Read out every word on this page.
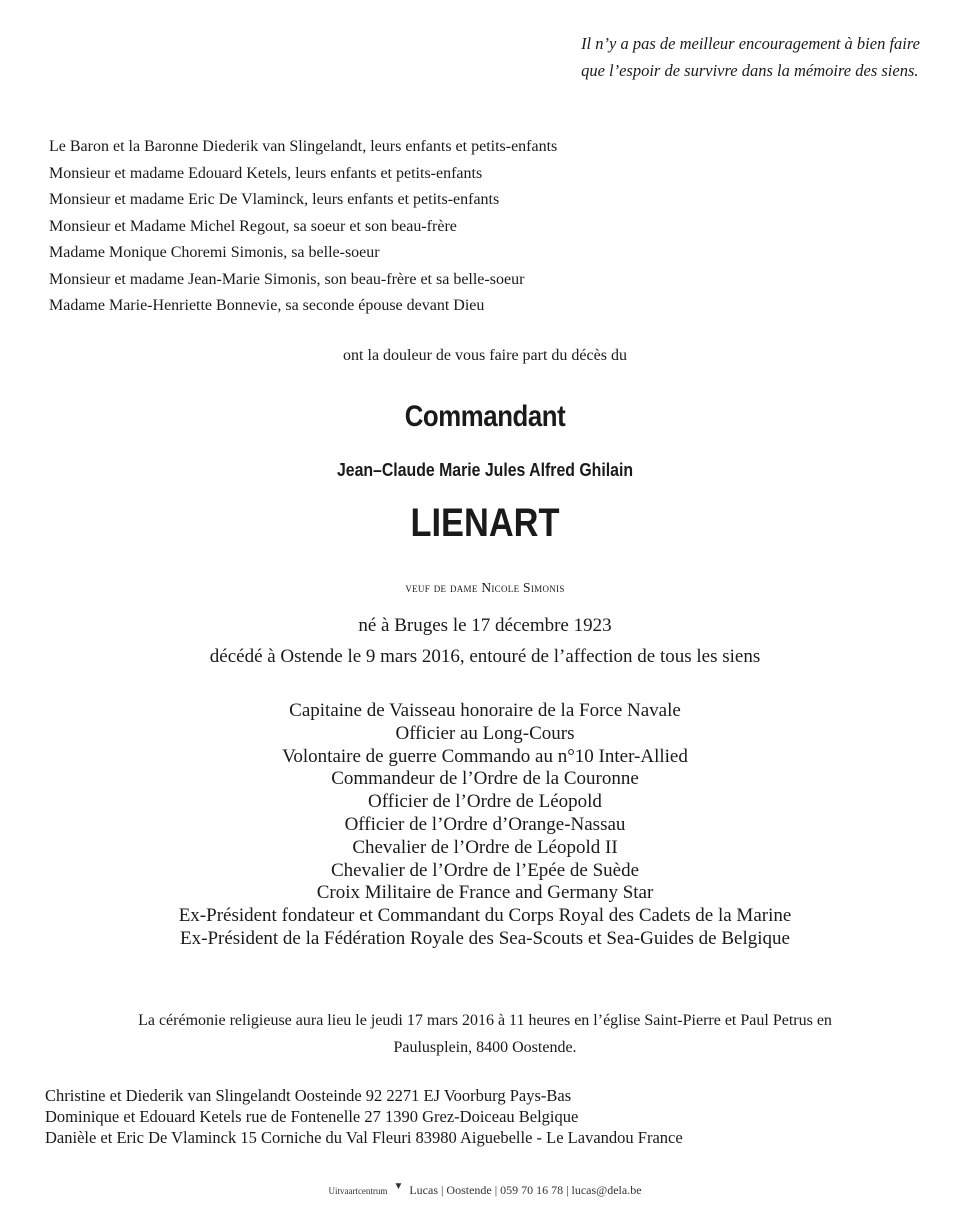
Il n’y a pas de meilleur encouragement à bien faire
que l’espoir de survivre dans la mémoire des siens.
Le Baron et la Baronne Diederik van Slingelandt, leurs enfants et petits-enfants
Monsieur et madame Edouard Ketels, leurs enfants et petits-enfants
Monsieur et madame Eric De Vlaminck, leurs enfants et petits-enfants
Monsieur et Madame Michel Regout, sa soeur et son beau-frère
Madame Monique Choremi Simonis, sa belle-soeur
Monsieur et madame Jean-Marie Simonis, son beau-frère et sa belle-soeur
Madame Marie-Henriette Bonnevie, sa seconde épouse devant Dieu
ont la douleur de vous faire part du décès du
Commandant
Jean–Claude Marie Jules Alfred Ghilain
LIENART
veuf de dame Nicole Simonis
né à Bruges le 17 décembre 1923
décédé à Ostende le 9 mars 2016, entouré de l’affection de tous les siens
Capitaine de Vaisseau honoraire de la Force Navale
Officier au Long-Cours
Volontaire de guerre Commando au n°10 Inter-Allied
Commandeur de l’Ordre de la Couronne
Officier de l’Ordre de Léopold
Officier de l’Ordre d’Orange-Nassau
Chevalier de l’Ordre de Léopold II
Chevalier de l’Ordre de l’Epée de Suède
Croix Militaire de France and Germany Star
Ex-Président fondateur et Commandant du Corps Royal des Cadets de la Marine
Ex-Président de la Fédération Royale des Sea-Scouts et Sea-Guides de Belgique
La cérémonie religieuse aura lieu le jeudi 17 mars 2016 à 11 heures en l’église Saint-Pierre et Paul Petrus en Paulusplein, 8400 Oostende.
Christine et Diederik van Slingelandt Oosteinde 92 2271 EJ Voorburg Pays-Bas
Dominique et Edouard Ketels rue de Fontenelle 27 1390 Grez-Doiceau Belgique
Danièle et Eric De Vlaminck 15 Corniche du Val Fleuri 83980 Aiguebelle - Le Lavandou France
Uitvaartcentrum ▼ Lucas | Oostende | 059 70 16 78 | lucas@dela.be
